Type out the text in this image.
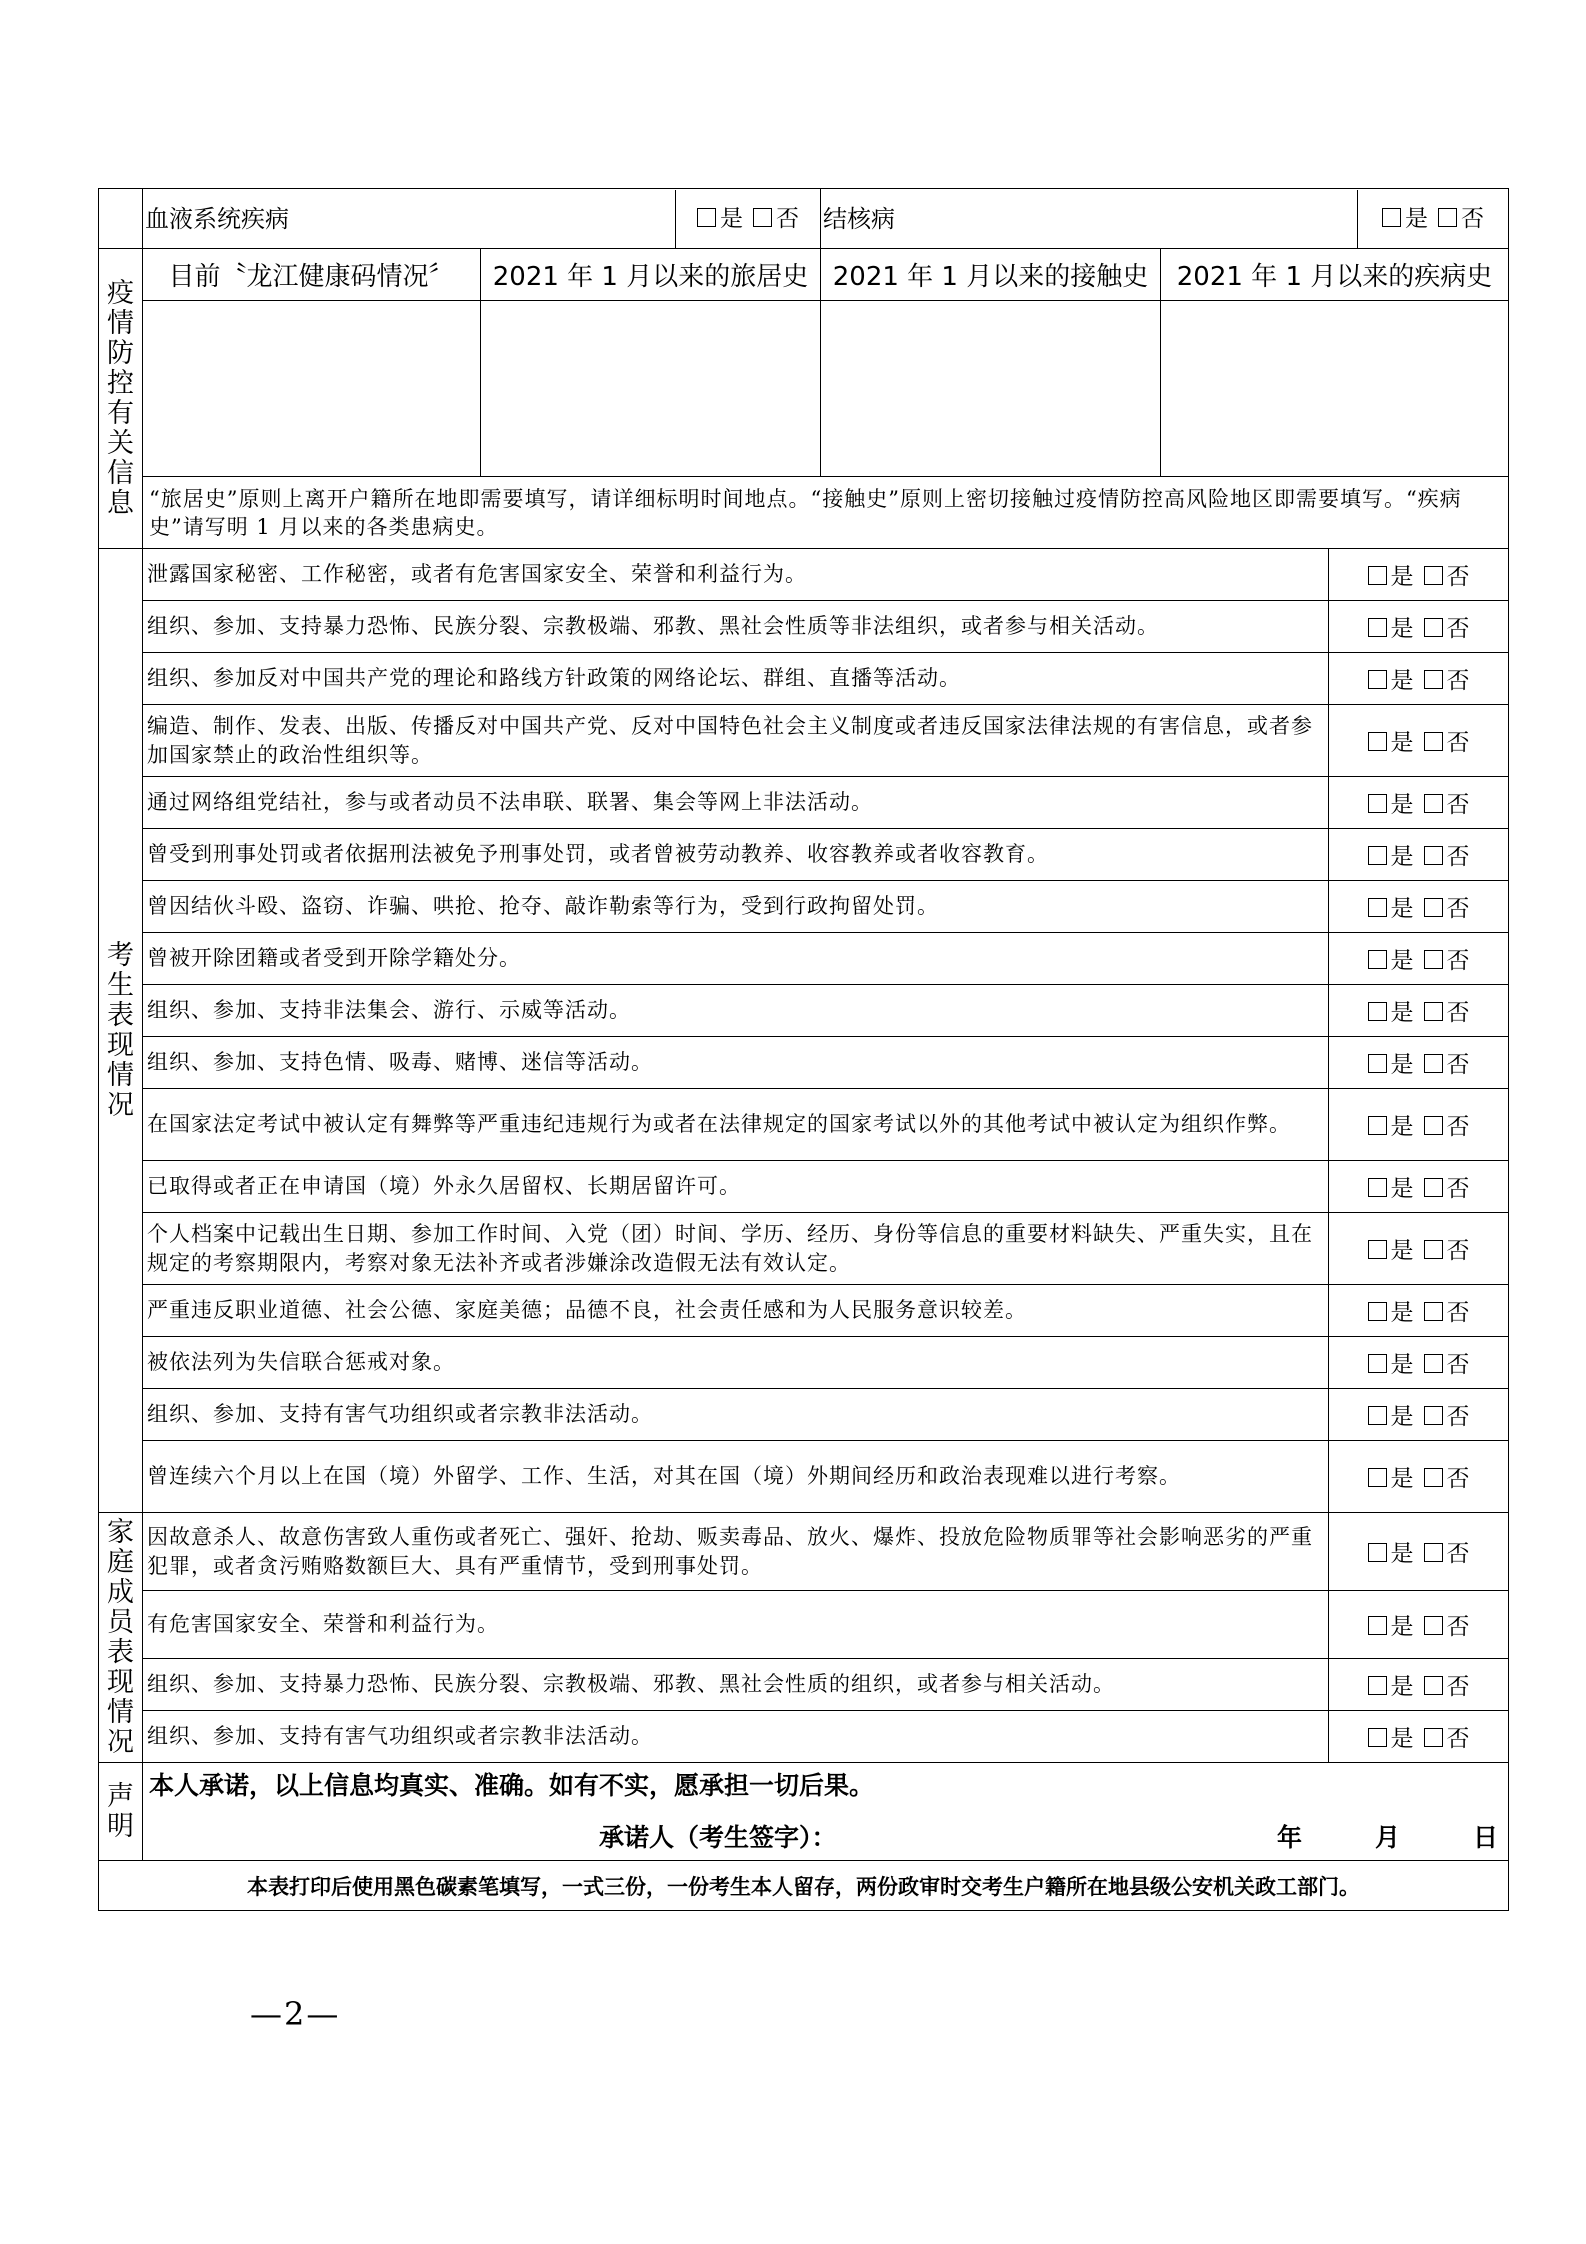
	血液系统疾病 是 否		结核病 是 否		

疫情防控有关信息	目前〝龙江健康码情况〞	2021 年 1 月以来的旅居史	2021 年 1 月以来的接触史	2021 年 1 月以来的疾病史	

	“旅居史”原则上离开户籍所在地即需要填写，请详细标明时间地点。“接触史”原则上密切接触过疫情防控高风险地区即需要填写。“疾病史”请写明 1 月以来的各类患病史。				

考生表现情况	泄露国家秘密、工作秘密，或者有危害国家安全、荣誉和利益行为。				是 否
	组织、参加、支持暴力恐怖、民族分裂、宗教极端、邪教、黑社会性质等非法组织，或者参与相关活动。				是 否
	组织、参加反对中国共产党的理论和路线方针政策的网络论坛、群组、直播等活动。				是 否
	编造、制作、发表、出版、传播反对中国共产党、反对中国特色社会主义制度或者违反国家法律法规的有害信息，或者参加国家禁止的政治性组织等。				是 否
	通过网络组党结社，参与或者动员不法串联、联署、集会等网上非法活动。				是 否
	曾受到刑事处罚或者依据刑法被免予刑事处罚，或者曾被劳动教养、收容教养或者收容教育。				是 否
	曾因结伙斗殴、盗窃、诈骗、哄抢、抢夺、敲诈勒索等行为，受到行政拘留处罚。				是 否
	曾被开除团籍或者受到开除学籍处分。				是 否
	组织、参加、支持非法集会、游行、示威等活动。				是 否
	组织、参加、支持色情、吸毒、赌博、迷信等活动。				是 否
	在国家法定考试中被认定有舞弊等严重违纪违规行为或者在法律规定的国家考试以外的其他考试中被认定为组织作弊。				是 否
	已取得或者正在申请国（境）外永久居留权、长期居留许可。				是 否
	个人档案中记载出生日期、参加工作时间、入党（团）时间、学历、经历、身份等信息的重要材料缺失、严重失实，且在规定的考察期限内，考察对象无法补齐或者涉嫌涂改造假无法有效认定。				是 否
	严重违反职业道德、社会公德、家庭美德；品德不良，社会责任感和为人民服务意识较差。				是 否
	被依法列为失信联合惩戒对象。				是 否
	组织、参加、支持有害气功组织或者宗教非法活动。				是 否
	曾连续六个月以上在国（境）外留学、工作、生活，对其在国（境）外期间经历和政治表现难以进行考察。				是 否

家庭成员表现情况	因故意杀人、故意伤害致人重伤或者死亡、强奸、抢劫、贩卖毒品、放火、爆炸、投放危险物质罪等社会影响恶劣的严重犯罪，或者贪污贿赂数额巨大、具有严重情节，受到刑事处罚。				是 否
	有危害国家安全、荣誉和利益行为。				是 否
	组织、参加、支持暴力恐怖、民族分裂、宗教极端、邪教、黑社会性质的组织，或者参与相关活动。				是 否
	组织、参加、支持有害气功组织或者宗教非法活动。				是 否

声明	本人承诺，以上信息均真实、准确。如有不实，愿承担一切后果。
承诺人（考生签字）： 年 月 日				

本表打印后使用黑色碳素笔填写，一式三份，一份考生本人留存，两份政审时交考生户籍所在地县级公安机关政工部门。					
—2—
